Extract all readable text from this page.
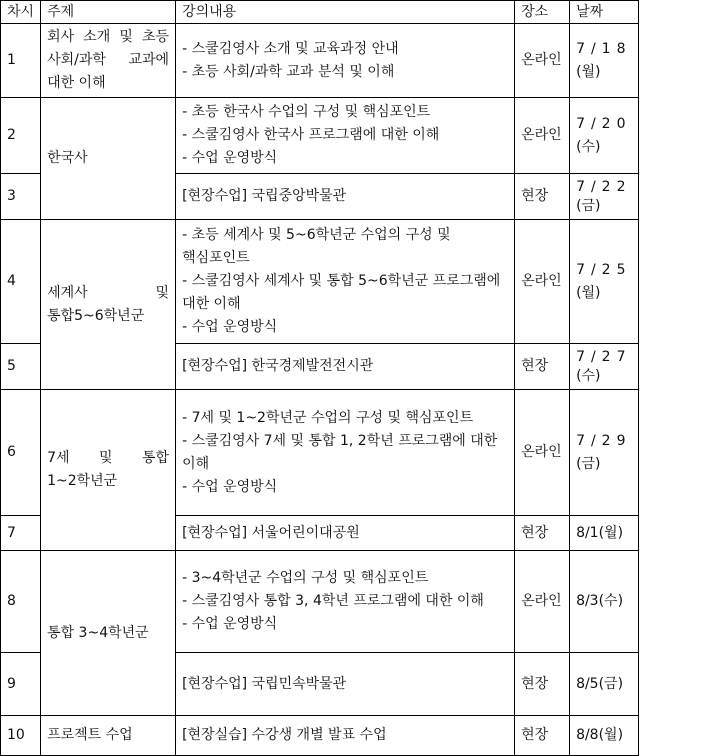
차시	주제	강의내용	장소	날짜
1	회사 소개 및 초등 사회/과학 교과에 대한 이해	- 스쿨김영사 소개 및 교육과정 안내
- 초등 사회/과학 교과 분석 및 이해	온라인	7/18
(월)

2	한국사	- 초등 한국사 수업의 구성 및 핵심포인트
- 스쿨김영사 한국사 프로그램에 대한 이해
- 수업 운영방식	온라인	7/20
(수)

3		[현장수업] 국립중앙박물관	현장	7/22
(금)

4	세계사 및 통합5~6학년군	- 초등 세계사 및 5~6학년군 수업의 구성 및 핵심포인트
- 스쿨김영사 세계사 및 통합 5~6학년군 프로그램에 대한 이해
- 수업 운영방식	온라인	7/25
(월)

5		[현장수업] 한국경제발전전시관	현장	7/27
(수)

6	7세 및 통합 1~2학년군	- 7세 및 1~2학년군 수업의 구성 및 핵심포인트
- 스쿨김영사 7세 및 통합 1, 2학년 프로그램에 대한 이해
- 수업 운영방식	온라인	7/29
(금)

7		[현장수업] 서울어린이대공원	현장	8/1(월)

8	통합 3~4학년군	- 3~4학년군 수업의 구성 및 핵심포인트
- 스쿨김영사 통합 3, 4학년 프로그램에 대한 이해
- 수업 운영방식	온라인	8/3(수)

9		[현장수업] 국립민속박물관	현장	8/5(금)

10	프로젝트 수업	[현장실습] 수강생 개별 발표 수업	현장	8/8(월)
